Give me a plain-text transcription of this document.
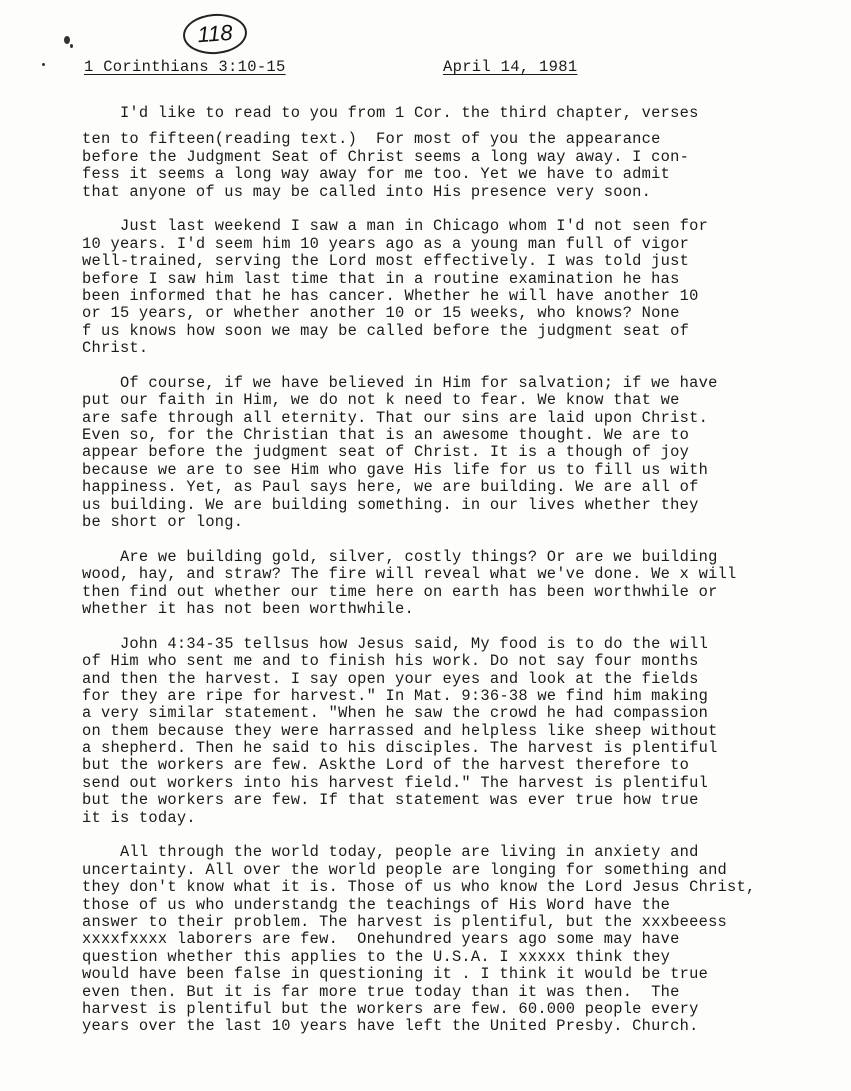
118
1 Corinthians 3:10-15	April 14, 1981
I'd like to read to you from 1 Cor. the third chapter, verses
ten to fifteen(reading text.)  For most of you the appearance
before the Judgment Seat of Christ seems a long way away. I con-
fess it seems a long way away for me too. Yet we have to admit
that anyone of us may be called into His presence very soon.
Just last weekend I saw a man in Chicago whom I'd not seen for
10 years. I'd seem him 10 years ago as a young man full of vigor
well-trained, serving the Lord most effectively. I was told just
before I saw him last time that in a routine examination he has
been informed that he has cancer. Whether he will have another 10
or 15 years, or whether another 10 or 15 weeks, who knows? None
f us knows how soon we may be called before the judgment seat of
Christ.
Of course, if we have believed in Him for salvation; if we have
put our faith in Him, we do not k need to fear. We know that we
are safe through all eternity. That our sins are laid upon Christ.
Even so, for the Christian that is an awesome thought. We are to
appear before the judgment seat of Christ. It is a though of joy
because we are to see Him who gave His life for us to fill us with
happiness. Yet, as Paul says here, we are building. We are all of
us building. We are building something. in our lives whether they
be short or long.
Are we building gold, silver, costly things? Or are we building
wood, hay, and straw? The fire will reveal what we've done. We x will
then find out whether our time here on earth has been worthwhile or
whether it has not been worthwhile.
John 4:34-35 tellsus how Jesus said, My food is to do the will
of Him who sent me and to finish his work. Do not say four months
and then the harvest. I say open your eyes and look at the fields
for they are ripe for harvest." In Mat. 9:36-38 we find him making
a very similar statement. "When he saw the crowd he had compassion
on them because they were harrassed and helpless like sheep without
a shepherd. Then he said to his disciples. The harvest is plentiful
but the workers are few. Askthe Lord of the harvest therefore to
send out workers into his harvest field." The harvest is plentiful
but the workers are few. If that statement was ever true how true
it is today.
All through the world today, people are living in anxiety and
uncertainty. All over the world people are longing for something and
they don't know what it is. Those of us who know the Lord Jesus Christ,
those of us who understandg the teachings of His Word have the
answer to their problem. The harvest is plentiful, but the xxxbeeess
xxxxfxxxx laborers are few.  Onehundred years ago some may have
question whether this applies to the U.S.A. I xxxxx think they
would have been false in questioning it . I think it would be true
even then. But it is far more true today than it was then.  The
harvest is plentiful but the workers are few. 60.000 people every
years over the last 10 years have left the United Presby. Church.
